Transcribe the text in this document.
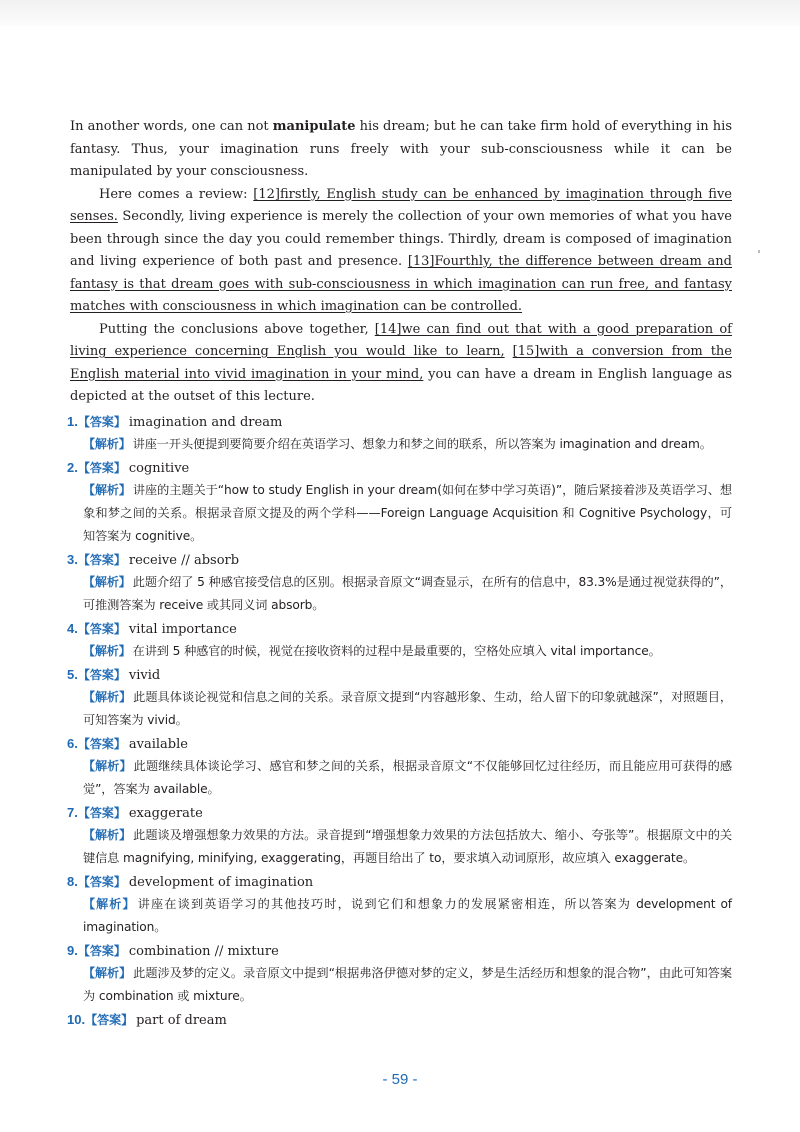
In another words, one can not manipulate his dream; but he can take firm hold of everything in his fantasy. Thus, your imagination runs freely with your sub-consciousness while it can be manipulated by your consciousness.

Here comes a review: [12]firstly, English study can be enhanced by imagination through five senses. Secondly, living experience is merely the collection of your own memories of what you have been through since the day you could remember things. Thirdly, dream is composed of imagination and living experience of both past and presence. [13]Fourthly, the difference between dream and fantasy is that dream goes with sub-consciousness in which imagination can run free, and fantasy matches with consciousness in which imagination can be controlled.

Putting the conclusions above together, [14]we can find out that with a good preparation of living experience concerning English you would like to learn, [15]with a conversion from the English material into vivid imagination in your mind, you can have a dream in English language as depicted at the outset of this lecture.

1.【答案】 imagination and dream

【解析】 讲座一开头便提到要简要介绍在英语学习、想象力和梦之间的联系，所以答案为 imagination and dream。

2.【答案】 cognitive

【解析】 讲座的主题关于“how to study English in your dream(如何在梦中学习英语)”，随后紧接着涉及英语学习、想象和梦之间的关系。根据录音原文提及的两个学科——Foreign Language Acquisition 和 Cognitive Psychology，可知答案为 cognitive。

3.【答案】 receive // absorb

【解析】 此题介绍了 5 种感官接受信息的区别。根据录音原文“调查显示，在所有的信息中，83.3%是通过视觉获得的”，可推测答案为 receive 或其同义词 absorb。

4.【答案】 vital importance

【解析】 在讲到 5 种感官的时候，视觉在接收资料的过程中是最重要的，空格处应填入 vital importance。

5.【答案】 vivid

【解析】 此题具体谈论视觉和信息之间的关系。录音原文提到“内容越形象、生动，给人留下的印象就越深”，对照题目，可知答案为 vivid。

6.【答案】 available

【解析】 此题继续具体谈论学习、感官和梦之间的关系，根据录音原文“不仅能够回忆过往经历，而且能应用可获得的感觉”，答案为 available。

7.【答案】 exaggerate

【解析】 此题谈及增强想象力效果的方法。录音提到“增强想象力效果的方法包括放大、缩小、夸张等”。根据原文中的关键信息 magnifying, minifying, exaggerating，再题目给出了 to，要求填入动词原形，故应填入 exaggerate。

8.【答案】 development of imagination

【解析】 讲座在谈到英语学习的其他技巧时，说到它们和想象力的发展紧密相连，所以答案为 development of imagination。

9.【答案】 combination // mixture

【解析】 此题涉及梦的定义。录音原文中提到“根据弗洛伊德对梦的定义，梦是生活经历和想象的混合物”，由此可知答案为 combination 或 mixture。

10.【答案】 part of dream
- 59 -
